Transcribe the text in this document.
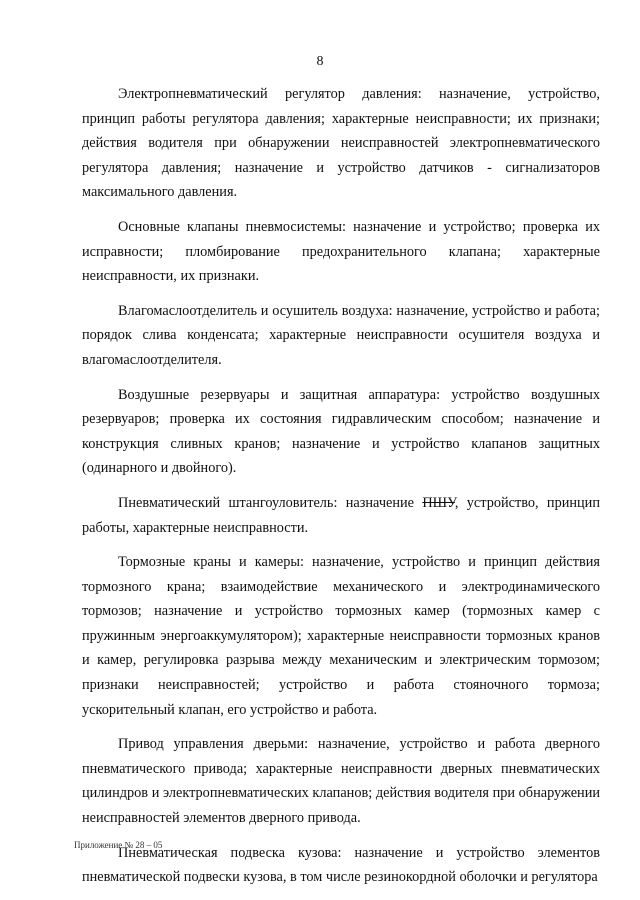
8

Электропневматический регулятор давления: назначение, устройство, принцип работы регулятора давления; характерные неисправности; их признаки; действия водителя при обнаружении неисправностей электропневматического регулятора давления; назначение и устройство датчиков - сигнализаторов максимального давления.

Основные клапаны пневмосистемы: назначение и устройство; проверка их исправности; пломбирование предохранительного клапана; характерные неисправности, их признаки.

Влагомаслоотделитель и осушитель воздуха: назначение, устройство и работа; порядок слива конденсата; характерные неисправности осушителя воздуха и влагомаслоотделителя.

Воздушные резервуары и защитная аппаратура: устройство воздушных резервуаров; проверка их состояния гидравлическим способом; назначение и конструкция сливных кранов; назначение и устройство клапанов защитных (одинарного и двойного).

Пневматический штангоуловитель: назначение ПШУ, устройство, принцип работы, характерные неисправности.

Тормозные краны и камеры: назначение, устройство и принцип действия тормозного крана; взаимодействие механического и электродинамического тормозов; назначение и устройство тормозных камер (тормозных камер с пружинным энергоаккумулятором); характерные неисправности тормозных кранов и камер, регулировка разрыва между механическим и электрическим тормозом; признаки неисправностей; устройство и работа стояночного тормоза; ускорительный клапан, его устройство и работа.

Привод управления дверьми: назначение, устройство и работа дверного пневматического привода; характерные неисправности дверных пневматических цилиндров и электропневматических клапанов; действия водителя при обнаружении неисправностей элементов дверного привода.

Пневматическая подвеска кузова: назначение и устройство элементов пневматической подвески кузова, в том числе резинокордной оболочки и регулятора

Приложение № 28 – 05
